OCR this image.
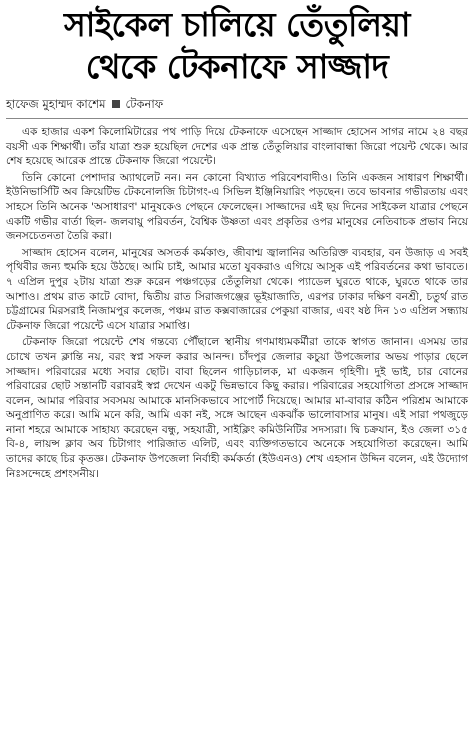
সাইকেল চালিয়ে তেঁতুলিয়া
থেকে টেকনাফে সাজ্জাদ
হাফেজ মুহাম্মদ কাশেম টেকনাফ

এক হাজার একশ কিলোমিটারের পথ পাড়ি দিয়ে টেকনাফে এসেছেন সাজ্জাদ হোসেন সাগর নামে ২৪ বছর বয়সী এক শিক্ষার্থী। তাঁর যাত্রা শুরু হয়েছিল দেশের এক প্রান্ত তেঁতুলিয়ার বাংলাবান্ধা জিরো পয়েন্ট থেকে। আর শেষ হয়েছে আরেক প্রান্তে টেকনাফ জিরো পয়েন্টে।

তিনি কোনো পেশাদার অ্যাথলেট নন। নন কোনো বিখ্যাত পরিবেশবাদীও। তিনি একজন সাধারণ শিক্ষার্থী। ইউনিভার্সিটি অব ক্রিয়েটিভ টেকনোলজি চিটাগং-এ সিভিল ইঞ্জিনিয়ারিং পড়ছেন। তবে ভাবনার গভীরতায় এবং সাহসে তিনি অনেক 'অসাধারণ' মানুষকেও পেছনে ফেলেছেন। সাজ্জাদের এই ছয় দিনের সাইকেল যাত্রার পেছনে একটি গভীর বার্তা ছিল- জলবায়ু পরিবর্তন, বৈশ্বিক উষ্ণতা এবং প্রকৃতির ওপর মানুষের নেতিবাচক প্রভাব নিয়ে জনসচেতনতা তৈরি করা।

সাজ্জাদ হোসেন বলেন, মানুষের অসতর্ক কর্মকাণ্ড, জীবাশ্ম জ্বালানির অতিরিক্ত ব্যবহার, বন উজাড় এ সবই পৃথিবীর জন্য হুমকি হয়ে উঠছে। আমি চাই, আমার মতো যুবকরাও এগিয়ে আসুক এই পরিবর্তনের কথা ভাবতে। ৭ এপ্রিল দুপুর ২টায় যাত্রা শুরু করেন পঞ্চগড়ের তেঁতুলিয়া থেকে। প্যাডেল ঘুরতে থাকে, ঘুরতে থাকে তার আশাও। প্রথম রাত কাটে বোদা, দ্বিতীয় রাত সিরাজগঞ্জের ভূইয়াজাতি, এরপর ঢাকার দক্ষিণ বনশ্রী, চতুর্থ রাত চট্টগ্রামের মিরসরাই নিজামপুর কলেজ, পঞ্চম রাত কক্সবাজারের পেকুয়া বাজার, এবং ষষ্ঠ দিন ১৩ এপ্রিল সন্ধ্যায় টেকনাফ জিরো পয়েন্টে এসে যাত্রার সমাপ্তি।

টেকনাফ জিরো পয়েন্টে শেষ গন্তব্যে পৌঁছালে স্থানীয় গণমাধ্যমকর্মীরা তাকে স্বাগত জানান। এসময় তার চোখে তখন ক্লান্তি নয়, বরং স্বপ্ন সফল করার আনন্দ। চাঁদপুর জেলার কচুয়া উপজেলার অভয় পাড়ার ছেলে সাজ্জাদ। পরিবারের মধ্যে সবার ছোট। বাবা ছিলেন গাড়িচালক, মা একজন গৃহিণী। দুই ভাই, চার বোনের পরিবারের ছোট সন্তানটি বরাবরই স্বপ্ন দেখেন একটু ভিন্নভাবে কিছু করার। পরিবারের সহযোগিতা প্রসঙ্গে সাজ্জাদ বলেন, আমার পরিবার সবসময় আমাকে মানসিকভাবে সাপোর্ট দিয়েছে। আমার মা-বাবার কঠিন পরিশ্রম আমাকে অনুপ্রাণিত করে। আমি মনে করি, আমি একা নই, সঙ্গে আছেন একঝাঁক ভালোবাসার মানুষ। এই সারা পথজুড়ে নানা শহরে আমাকে সাহায্য করেছেন বন্ধু, সহযাত্রী, সাইক্লিং কমিউনিটির সদস্যরা। দ্বি চক্রযান, ইও জেলা ৩১৫ বি-৪, লায়ন্স ক্লাব অব চিটাগাং পারিজাত এলিট, এবং ব্যক্তিগতভাবে অনেকে সহযোগিতা করেছেন। আমি তাদের কাছে চির কৃতজ্ঞ। টেকনাফ উপজেলা নির্বাহী কর্মকর্তা (ইউএনও) শেখ এহসান উদ্দিন বলেন, এই উদ্যোগ নিঃসন্দেহে প্রশংসনীয়।
